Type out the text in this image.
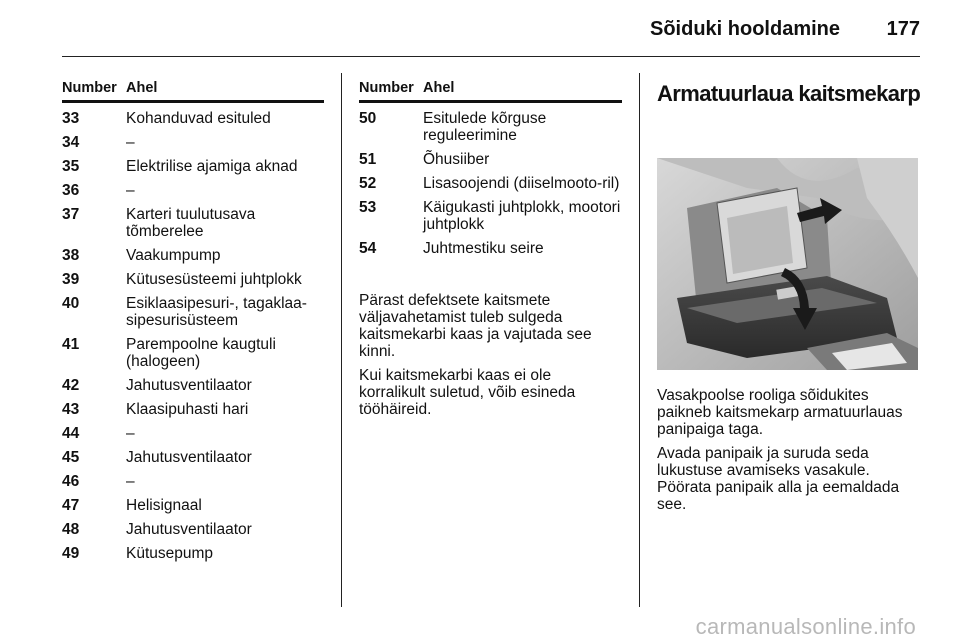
Sõiduki hooldamine 177
Number Ahel
33	Kohanduvad esituled
34	–
35	Elektrilise ajamiga aknad
36	–
37	Karteri tuulutusava tõmberelee
38	Vaakumpump
39	Kütusesüsteemi juhtplokk
40	Esiklaasipesuri-, tagaklaa-sipesurisüsteem
41	Parempoolne kaugtuli (halogeen)
42	Jahutusventilaator
43	Klaasipuhasti hari
44	–
45	Jahutusventilaator
46	–
47	Helisignaal
48	Jahutusventilaator
49	Kütusepump
Number Ahel
50	Esitulede kõrguse reguleerimine
51	Õhusiiber
52	Lisasoojendi (diiselmooto-ril)
53	Käigukasti juhtplokk, mootori juhtplokk
54	Juhtmestiku seire

Pärast defektsete kaitsmete väljavahetamist tuleb sulgeda kaitsmekarbi kaas ja vajutada see kinni.

Kui kaitsmekarbi kaas ei ole korralikult suletud, võib esineda tööhäireid.

Armatuurlaua kaitsmekarp

Vasakpoolse rooliga sõidukites paikneb kaitsmekarp armatuurlauas panipaiga taga.

Avada panipaik ja suruda seda lukustuse avamiseks vasakule. Pöörata panipaik alla ja eemaldada see.

carmanualsonline.info
